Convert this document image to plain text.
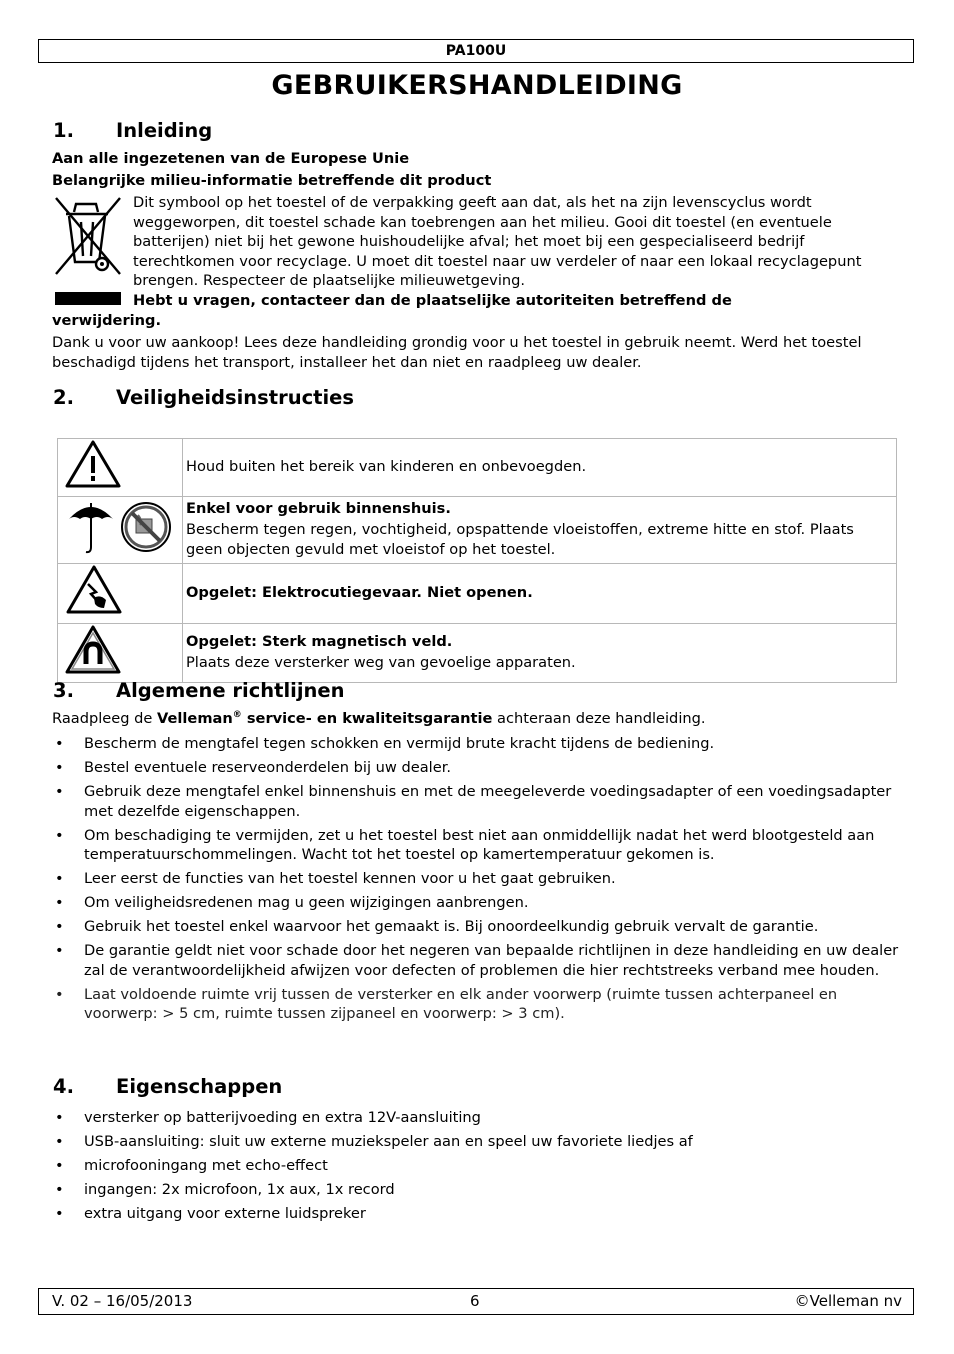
PA100U
GEBRUIKERSHANDLEIDING
1. Inleiding
Aan alle ingezetenen van de Europese Unie
Belangrijke milieu-informatie betreffende dit product
Dit symbool op het toestel of de verpakking geeft aan dat, als het na zijn levenscyclus wordt weggeworpen, dit toestel schade kan toebrengen aan het milieu. Gooi dit toestel (en eventuele batterijen) niet bij het gewone huishoudelijke afval; het moet bij een gespecialiseerd bedrijf terechtkomen voor recyclage. U moet dit toestel naar uw verdeler of naar een lokaal recyclagepunt brengen. Respecteer de plaatselijke milieuwetgeving.
Hebt u vragen, contacteer dan de plaatselijke autoriteiten betreffend de
verwijdering.
Dank u voor uw aankoop! Lees deze handleiding grondig voor u het toestel in gebruik neemt. Werd het toestel beschadigd tijdens het transport, installeer het dan niet en raadpleeg uw dealer.
2. Veiligheidsinstructies

Houd buiten het bereik van kinderen en onbevoegden.

Enkel voor gebruik binnenshuis.
Bescherm tegen regen, vochtigheid, opspattende vloeistoffen, extreme hitte en stof. Plaats geen objecten gevuld met vloeistof op het toestel.

Opgelet: Elektrocutiegevaar. Niet openen.

Opgelet: Sterk magnetisch veld.
Plaats deze versterker weg van gevoelige apparaten.
3. Algemene richtlijnen
Raadpleeg de Velleman® service- en kwaliteitsgarantie achteraan deze handleiding.
• Bescherm de mengtafel tegen schokken en vermijd brute kracht tijdens de bediening.
• Bestel eventuele reserveonderdelen bij uw dealer.
• Gebruik deze mengtafel enkel binnenshuis en met de meegeleverde voedingsadapter of een voedingsadapter met dezelfde eigenschappen.
• Om beschadiging te vermijden, zet u het toestel best niet aan onmiddellijk nadat het werd blootgesteld aan temperatuurschommelingen. Wacht tot het toestel op kamertemperatuur gekomen is.
• Leer eerst de functies van het toestel kennen voor u het gaat gebruiken.
• Om veiligheidsredenen mag u geen wijzigingen aanbrengen.
• Gebruik het toestel enkel waarvoor het gemaakt is. Bij onoordeelkundig gebruik vervalt de garantie.
• De garantie geldt niet voor schade door het negeren van bepaalde richtlijnen in deze handleiding en uw dealer zal de verantwoordelijkheid afwijzen voor defecten of problemen die hier rechtstreeks verband mee houden.
• Laat voldoende ruimte vrij tussen de versterker en elk ander voorwerp (ruimte tussen achterpaneel en voorwerp: > 5 cm, ruimte tussen zijpaneel en voorwerp: > 3 cm).
4. Eigenschappen
• versterker op batterijvoeding en extra 12V-aansluiting
• USB-aansluiting: sluit uw externe muziekspeler aan en speel uw favoriete liedjes af
• microfooningang met echo-effect
• ingangen: 2x microfoon, 1x aux, 1x record
• extra uitgang voor externe luidspreker
V. 02 – 16/05/2013	6	©Velleman nv
